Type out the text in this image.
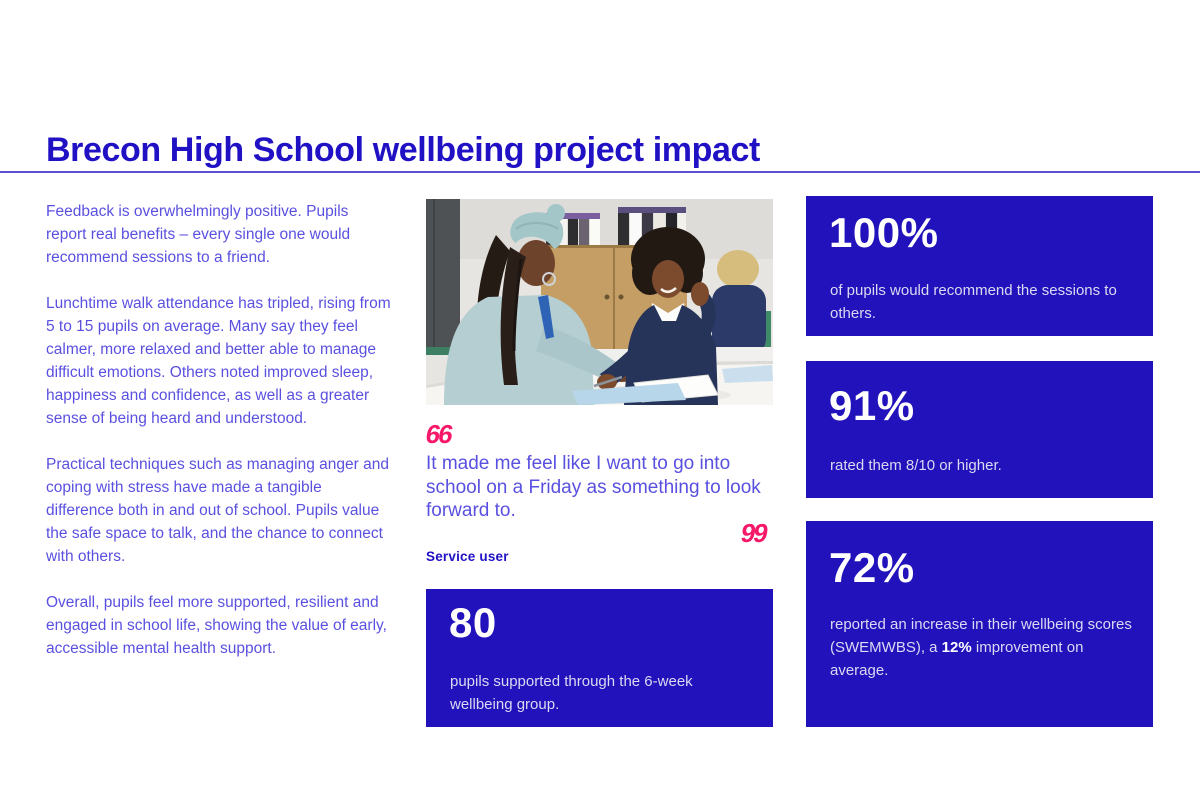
Brecon High School wellbeing project impact

Feedback is overwhelmingly positive. Pupils report real benefits – every single one would recommend sessions to a friend.

Lunchtime walk attendance has tripled, rising from 5 to 15 pupils on average. Many say they feel calmer, more relaxed and better able to manage difficult emotions. Others noted improved sleep, happiness and confidence, as well as a greater sense of being heard and understood.

Practical techniques such as managing anger and coping with stress have made a tangible difference both in and out of school. Pupils value the safe space to talk, and the chance to connect with others.

Overall, pupils feel more supported, resilient and engaged in school life, showing the value of early, accessible mental health support.

66
It made me feel like I want to go into school on a Friday as something to look forward to.
99
Service user
80
pupils supported through the 6-week wellbeing group.
100%
of pupils would recommend the sessions to others.
91%
rated them 8/10 or higher.
72%
reported an increase in their wellbeing scores (SWEMWBS), a 12% improvement on average.
